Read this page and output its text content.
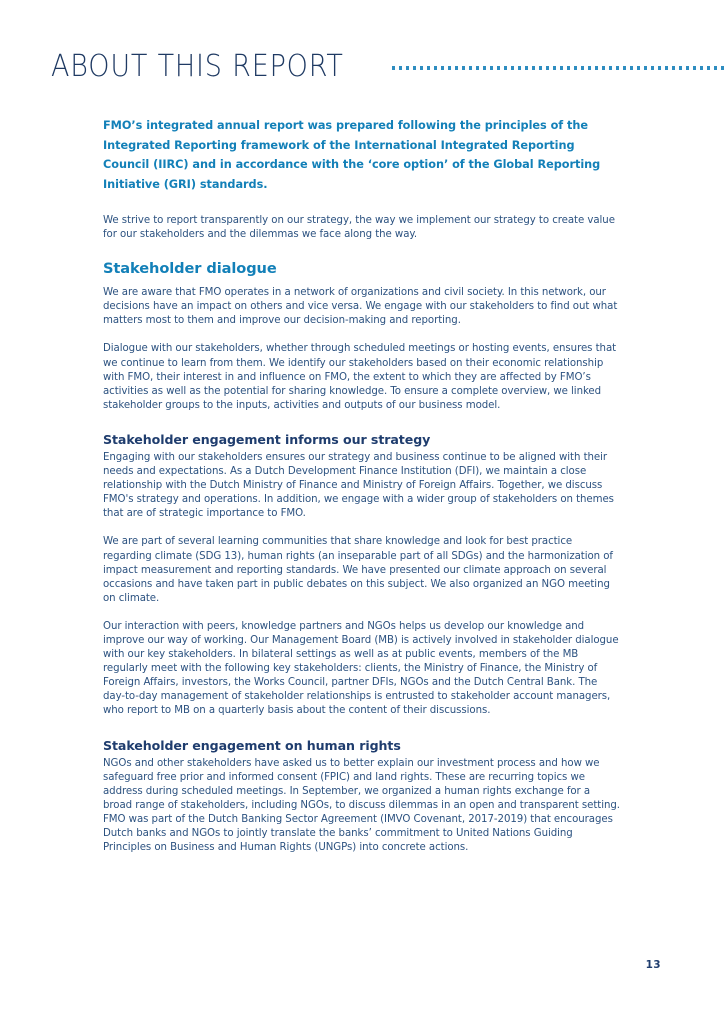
ABOUT THIS REPORT

FMO’s integrated annual report was prepared following the principles of the Integrated Reporting framework of the International Integrated Reporting Council (IIRC) and in accordance with the ‘core option’ of the Global Reporting Initiative (GRI) standards.

We strive to report transparently on our strategy, the way we implement our strategy to create value for our stakeholders and the dilemmas we face along the way.

Stakeholder dialogue

We are aware that FMO operates in a network of organizations and civil society. In this network, our decisions have an impact on others and vice versa. We engage with our stakeholders to find out what matters most to them and improve our decision-making and reporting.

Dialogue with our stakeholders, whether through scheduled meetings or hosting events, ensures that we continue to learn from them. We identify our stakeholders based on their economic relationship with FMO, their interest in and influence on FMO, the extent to which they are affected by FMO’s activities as well as the potential for sharing knowledge. To ensure a complete overview, we linked stakeholder groups to the inputs, activities and outputs of our business model.

Stakeholder engagement informs our strategy

Engaging with our stakeholders ensures our strategy and business continue to be aligned with their needs and expectations. As a Dutch Development Finance Institution (DFI), we maintain a close relationship with the Dutch Ministry of Finance and Ministry of Foreign Affairs. Together, we discuss FMO's strategy and operations. In addition, we engage with a wider group of stakeholders on themes that are of strategic importance to FMO.

We are part of several learning communities that share knowledge and look for best practice regarding climate (SDG 13), human rights (an inseparable part of all SDGs) and the harmonization of impact measurement and reporting standards. We have presented our climate approach on several occasions and have taken part in public debates on this subject. We also organized an NGO meeting on climate.

Our interaction with peers, knowledge partners and NGOs helps us develop our knowledge and improve our way of working. Our Management Board (MB) is actively involved in stakeholder dialogue with our key stakeholders. In bilateral settings as well as at public events, members of the MB regularly meet with the following key stakeholders: clients, the Ministry of Finance, the Ministry of Foreign Affairs, investors, the Works Council, partner DFIs, NGOs and the Dutch Central Bank. The day-to-day management of stakeholder relationships is entrusted to stakeholder account managers, who report to MB on a quarterly basis about the content of their discussions.

Stakeholder engagement on human rights

NGOs and other stakeholders have asked us to better explain our investment process and how we safeguard free prior and informed consent (FPIC) and land rights. These are recurring topics we address during scheduled meetings. In September, we organized a human rights exchange for a broad range of stakeholders, including NGOs, to discuss dilemmas in an open and transparent setting. FMO was part of the Dutch Banking Sector Agreement (IMVO Covenant, 2017-2019) that encourages Dutch banks and NGOs to jointly translate the banks’ commitment to United Nations Guiding Principles on Business and Human Rights (UNGPs) into concrete actions.

13
